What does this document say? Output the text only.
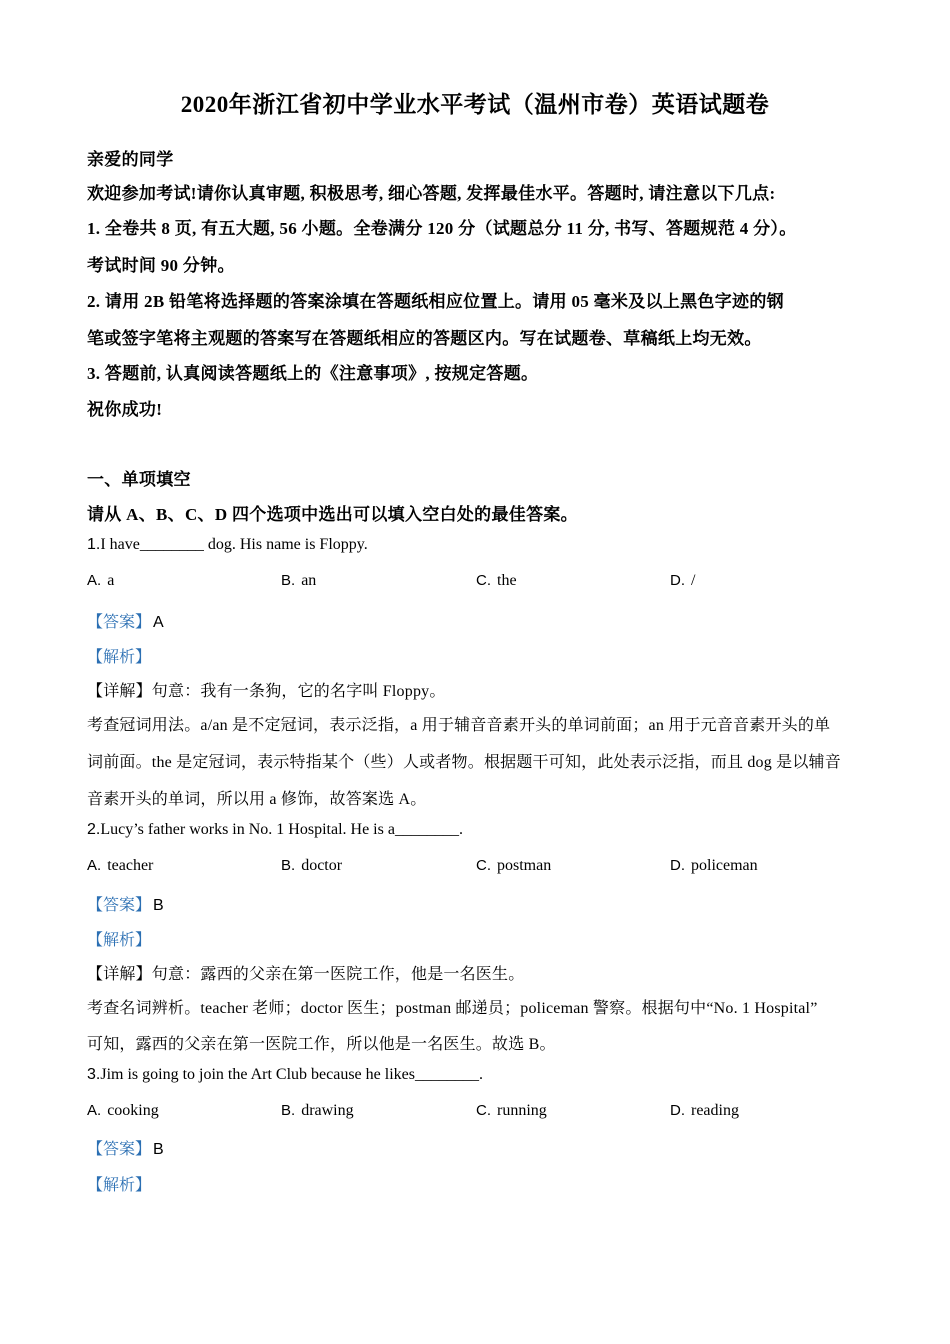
2020年浙江省初中学业水平考试（温州市卷）英语试题卷
亲爱的同学
欢迎参加考试!请你认真审题, 积极思考, 细心答题, 发挥最佳水平。答题时, 请注意以下几点:
1. 全卷共 8 页, 有五大题, 56 小题。全卷满分 120 分（试题总分 11 分, 书写、答题规范 4 分）。
考试时间 90 分钟。
2. 请用 2B 铅笔将选择题的答案涂填在答题纸相应位置上。请用 05 毫米及以上黑色字迹的钢
笔或签字笔将主观题的答案写在答题纸相应的答题区内。写在试题卷、草稿纸上均无效。
3. 答题前, 认真阅读答题纸上的《注意事项》, 按规定答题。
祝你成功!
一、单项填空
请从 A、B、C、D 四个选项中选出可以填入空白处的最佳答案。
1.I have________ dog. His name is Floppy.
A. a	B. an	C. the	D. /
【答案】 A
【解析】
【详解】句意：我有一条狗，它的名字叫 Floppy。
考查冠词用法。a/an 是不定冠词，表示泛指，a 用于辅音音素开头的单词前面；an 用于元音音素开头的单
词前面。the 是定冠词，表示特指某个（些）人或者物。根据题干可知，此处表示泛指，而且 dog 是以辅音
音素开头的单词，所以用 a 修饰，故答案选 A。
2.Lucy’s father works in No. 1 Hospital. He is a________.
A. teacher	B. doctor	C. postman	D. policeman
【答案】 B
【解析】
【详解】句意：露西的父亲在第一医院工作，他是一名医生。
考查名词辨析。teacher 老师；doctor 医生；postman 邮递员；policeman 警察。根据句中“No. 1 Hospital”
可知，露西的父亲在第一医院工作，所以他是一名医生。故选 B。
3.Jim is going to join the Art Club because he likes________.
A. cooking	B. drawing	C. running	D. reading
【答案】 B
【解析】
